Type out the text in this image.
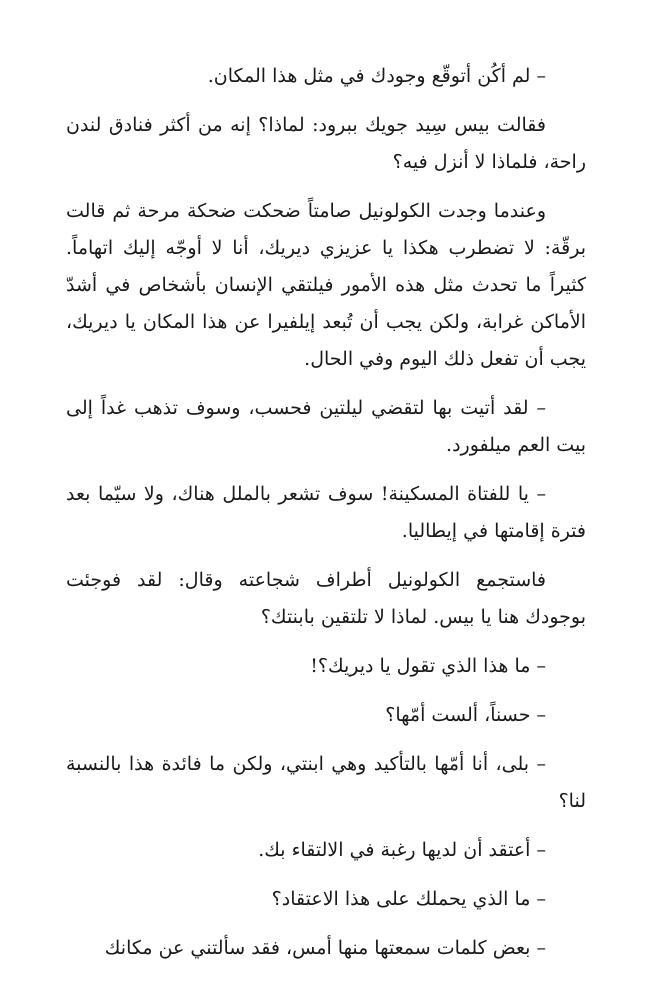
– لم أكُن أتوقّع وجودك في مثل هذا المكان.

فقالت بيس سِيد جويك ببرود: لماذا؟ إنه من أكثر فنادق لندن راحة، فلماذا لا أنزل فيه؟

وعندما وجدت الكولونيل صامتاً ضحكت ضحكة مرحة ثم قالت برقّة: لا تضطرب هكذا يا عزيزي ديريك، أنا لا أوجّه إليك اتهاماً. كثيراً ما تحدث مثل هذه الأمور فيلتقي الإنسان بأشخاص في أشدّ الأماكن غرابة، ولكن يجب أن تُبعد إيلفيرا عن هذا المكان يا ديريك، يجب أن تفعل ذلك اليوم وفي الحال.

– لقد أتيت بها لتقضي ليلتين فحسب، وسوف تذهب غداً إلى بيت العم ميلفورد.

– يا للفتاة المسكينة! سوف تشعر بالملل هناك، ولا سيّما بعد فترة إقامتها في إيطاليا.

فاستجمع الكولونيل أطراف شجاعته وقال: لقد فوجئت بوجودك هنا يا بيس. لماذا لا تلتقين بابنتك؟

– ما هذا الذي تقول يا ديريك؟!

– حسناً، ألست أمّها؟

– بلى، أنا أمّها بالتأكيد وهي ابنتي، ولكن ما فائدة هذا بالنسبة لنا؟

– أعتقد أن لديها رغبة في الالتقاء بك.

– ما الذي يحملك على هذا الاعتقاد؟

– بعض كلمات سمعتها منها أمس، فقد سألتني عن مكانك
